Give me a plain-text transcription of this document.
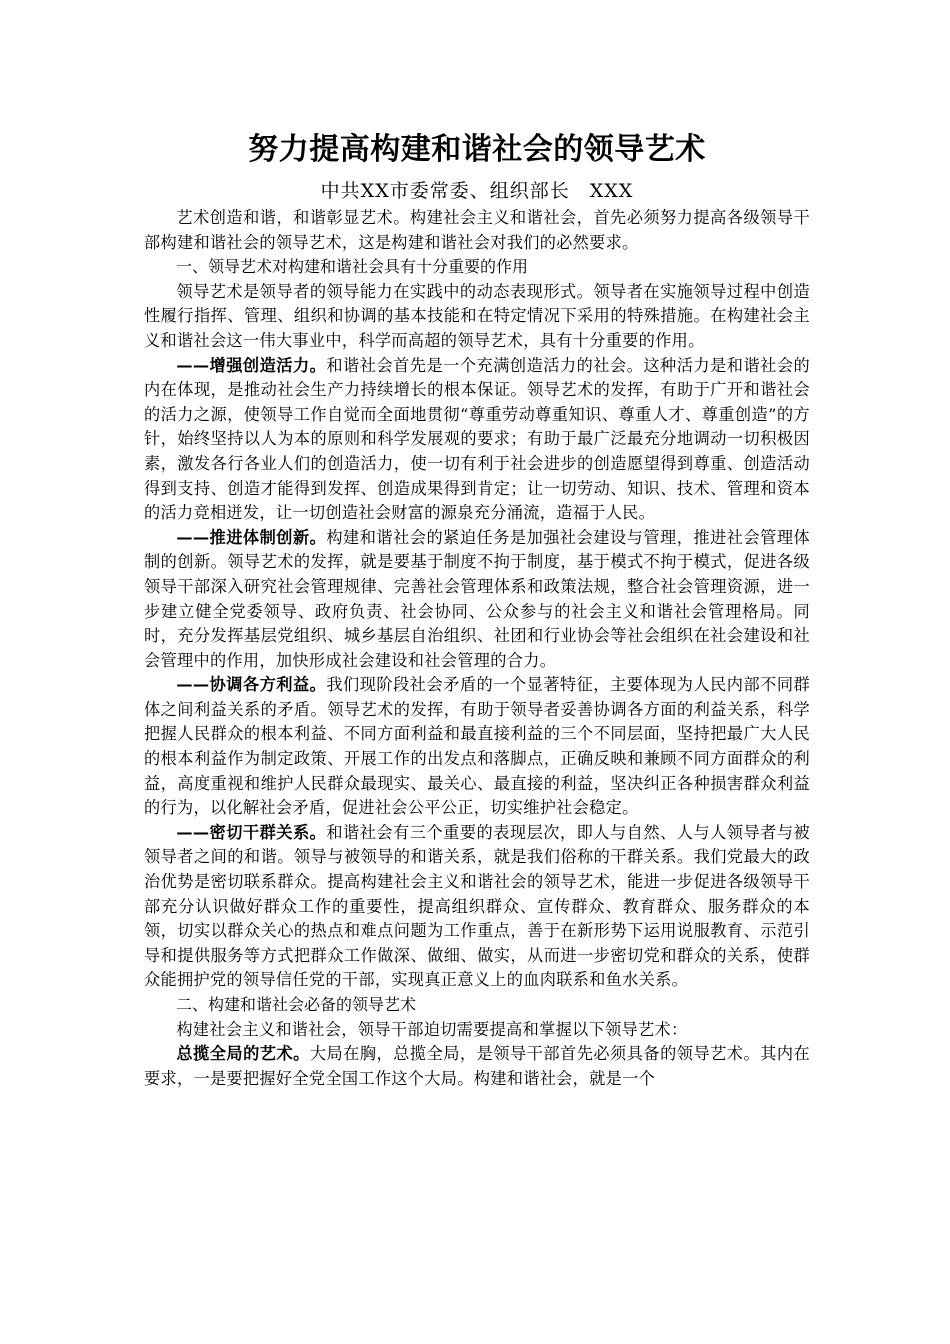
努力提高构建和谐社会的领导艺术

中共XX市委常委、组织部长 XXX

艺术创造和谐，和谐彰显艺术。构建社会主义和谐社会，首先必须努力提高各级领导干部构建和谐社会的领导艺术，这是构建和谐社会对我们的必然要求。

一、领导艺术对构建和谐社会具有十分重要的作用

领导艺术是领导者的领导能力在实践中的动态表现形式。领导者在实施领导过程中创造性履行指挥、管理、组织和协调的基本技能和在特定情况下采用的特殊措施。在构建社会主义和谐社会这一伟大事业中，科学而高超的领导艺术，具有十分重要的作用。

——增强创造活力。和谐社会首先是一个充满创造活力的社会。这种活力是和谐社会的内在体现，是推动社会生产力持续增长的根本保证。领导艺术的发挥，有助于广开和谐社会的活力之源，使领导工作自觉而全面地贯彻“尊重劳动尊重知识、尊重人才、尊重创造”的方针，始终坚持以人为本的原则和科学发展观的要求；有助于最广泛最充分地调动一切积极因素，激发各行各业人们的创造活力，使一切有利于社会进步的创造愿望得到尊重、创造活动得到支持、创造才能得到发挥、创造成果得到肯定；让一切劳动、知识、技术、管理和资本的活力竞相迸发，让一切创造社会财富的源泉充分涌流，造福于人民。

——推进体制创新。构建和谐社会的紧迫任务是加强社会建设与管理，推进社会管理体制的创新。领导艺术的发挥，就是要基于制度不拘于制度，基于模式不拘于模式，促进各级领导干部深入研究社会管理规律、完善社会管理体系和政策法规，整合社会管理资源，进一步建立健全党委领导、政府负责、社会协同、公众参与的社会主义和谐社会管理格局。同时，充分发挥基层党组织、城乡基层自治组织、社团和行业协会等社会组织在社会建设和社会管理中的作用，加快形成社会建设和社会管理的合力。

——协调各方利益。我们现阶段社会矛盾的一个显著特征，主要体现为人民内部不同群体之间利益关系的矛盾。领导艺术的发挥，有助于领导者妥善协调各方面的利益关系，科学把握人民群众的根本利益、不同方面利益和最直接利益的三个不同层面，坚持把最广大人民的根本利益作为制定政策、开展工作的出发点和落脚点，正确反映和兼顾不同方面群众的利益，高度重视和维护人民群众最现实、最关心、最直接的利益，坚决纠正各种损害群众利益的行为，以化解社会矛盾，促进社会公平公正，切实维护社会稳定。

——密切干群关系。和谐社会有三个重要的表现层次，即人与自然、人与人领导者与被领导者之间的和谐。领导与被领导的和谐关系，就是我们俗称的干群关系。我们党最大的政治优势是密切联系群众。提高构建社会主义和谐社会的领导艺术，能进一步促进各级领导干部充分认识做好群众工作的重要性，提高组织群众、宣传群众、教育群众、服务群众的本领，切实以群众关心的热点和难点问题为工作重点，善于在新形势下运用说服教育、示范引导和提供服务等方式把群众工作做深、做细、做实，从而进一步密切党和群众的关系，使群众能拥护党的领导信任党的干部，实现真正意义上的血肉联系和鱼水关系。

二、构建和谐社会必备的领导艺术

构建社会主义和谐社会，领导干部迫切需要提高和掌握以下领导艺术：

总揽全局的艺术。大局在胸，总揽全局，是领导干部首先必须具备的领导艺术。其内在要求，一是要把握好全党全国工作这个大局。构建和谐社会，就是一个
